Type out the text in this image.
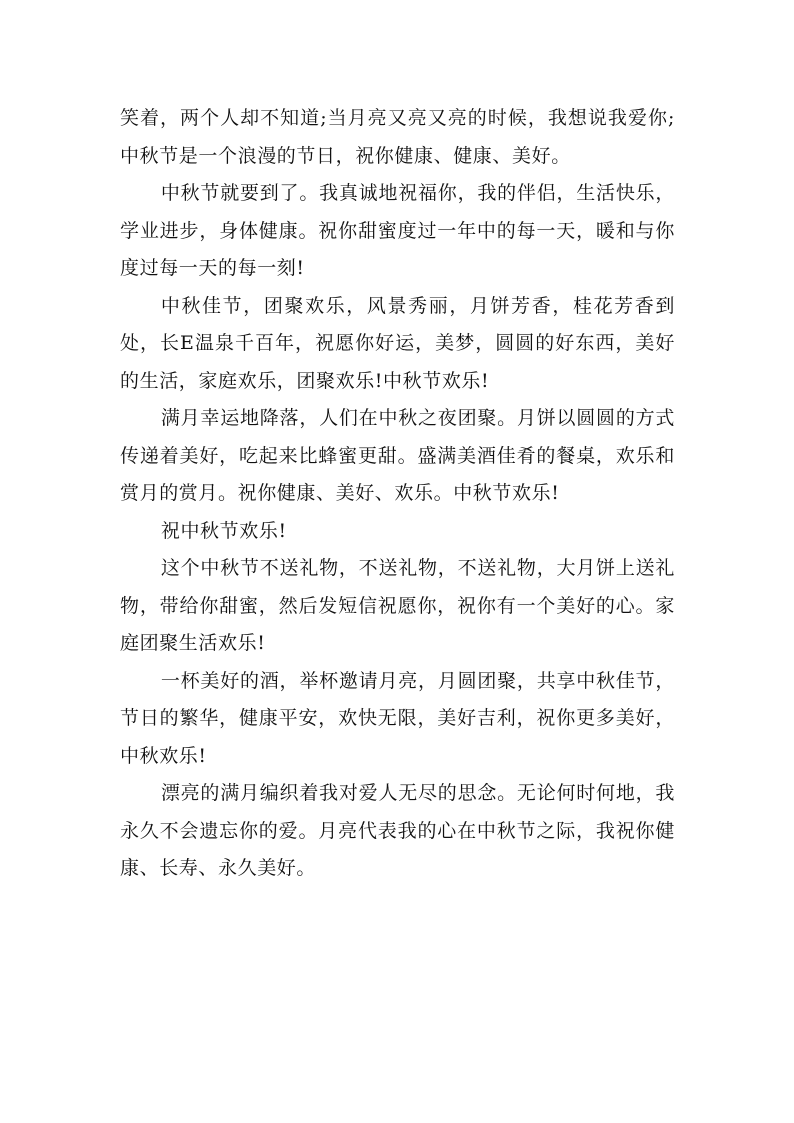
笑着，两个人却不知道;当月亮又亮又亮的时候，我想说我爱你;中秋节是一个浪漫的节日，祝你健康、健康、美好。

中秋节就要到了。我真诚地祝福你，我的伴侣，生活快乐，学业进步，身体健康。祝你甜蜜度过一年中的每一天，暖和与你度过每一天的每一刻!

中秋佳节，团聚欢乐，风景秀丽，月饼芳香，桂花芳香到处，长E温泉千百年，祝愿你好运，美梦，圆圆的好东西，美好的生活，家庭欢乐，团聚欢乐!中秋节欢乐!

满月幸运地降落，人们在中秋之夜团聚。月饼以圆圆的方式传递着美好，吃起来比蜂蜜更甜。盛满美酒佳肴的餐桌，欢乐和赏月的赏月。祝你健康、美好、欢乐。中秋节欢乐!

祝中秋节欢乐!

这个中秋节不送礼物，不送礼物，不送礼物，大月饼上送礼物，带给你甜蜜，然后发短信祝愿你，祝你有一个美好的心。家庭团聚生活欢乐!

一杯美好的酒，举杯邀请月亮，月圆团聚，共享中秋佳节，节日的繁华，健康平安，欢快无限，美好吉利，祝你更多美好，中秋欢乐!

漂亮的满月编织着我对爱人无尽的思念。无论何时何地，我永久不会遗忘你的爱。月亮代表我的心在中秋节之际，我祝你健康、长寿、永久美好。
